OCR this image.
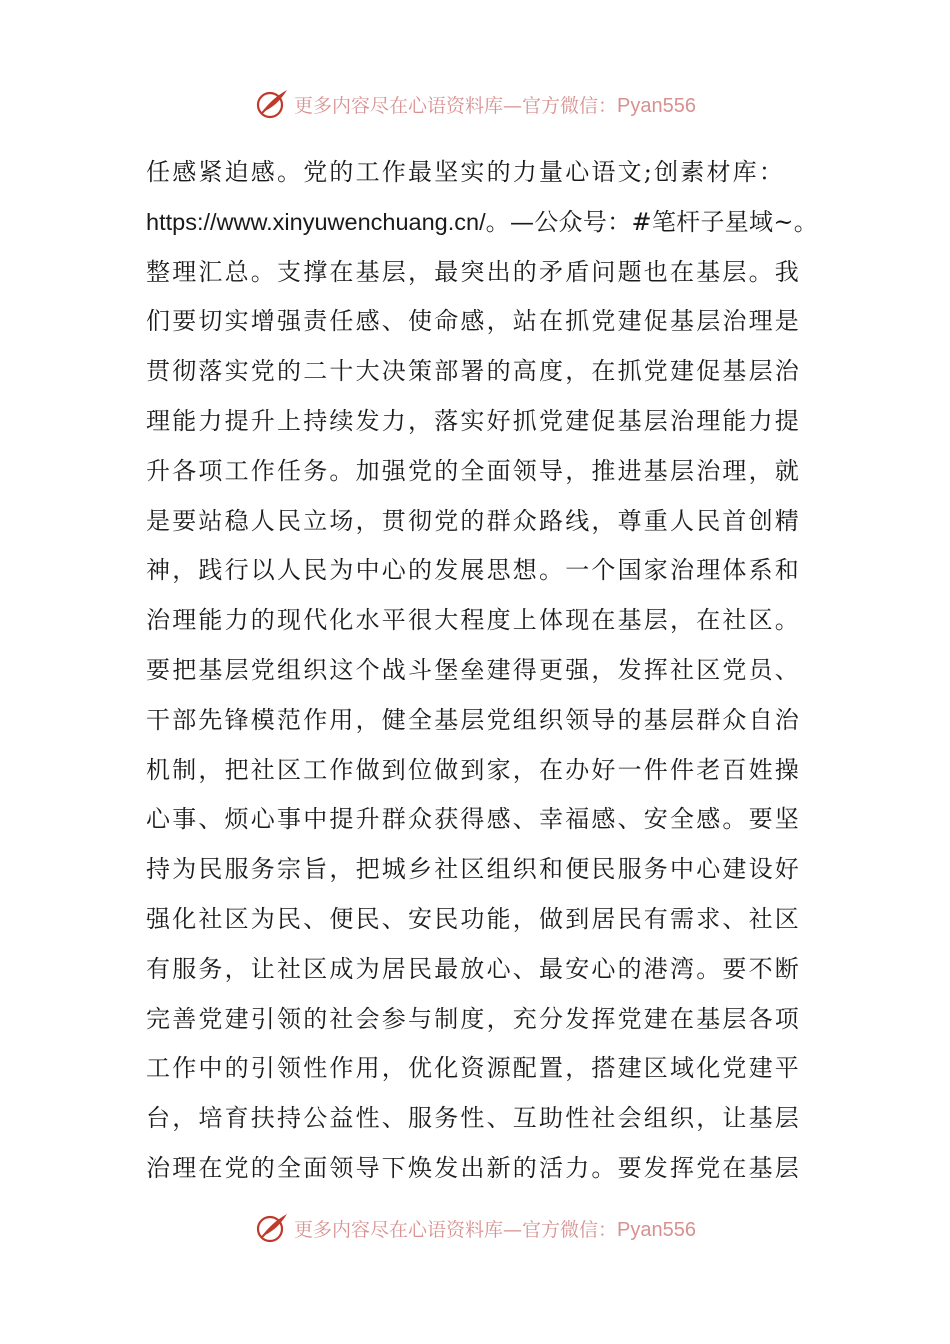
更多内容尽在心语资料库—官方微信：Pyan556
任感紧迫感。党的工作最坚实的力量心语文;创素材库：
https://www.xinyuwenchuang.cn/。—公众号：#笔杆子星域~。
整理汇总。支撑在基层，最突出的矛盾问题也在基层。我
们要切实增强责任感、使命感，站在抓党建促基层治理是
贯彻落实党的二十大决策部署的高度，在抓党建促基层治
理能力提升上持续发力，落实好抓党建促基层治理能力提
升各项工作任务。加强党的全面领导，推进基层治理，就
是要站稳人民立场，贯彻党的群众路线，尊重人民首创精
神，践行以人民为中心的发展思想。一个国家治理体系和
治理能力的现代化水平很大程度上体现在基层，在社区。
要把基层党组织这个战斗堡垒建得更强，发挥社区党员、
干部先锋模范作用，健全基层党组织领导的基层群众自治
机制，把社区工作做到位做到家，在办好一件件老百姓操
心事、烦心事中提升群众获得感、幸福感、安全感。要坚
持为民服务宗旨，把城乡社区组织和便民服务中心建设好
强化社区为民、便民、安民功能，做到居民有需求、社区
有服务，让社区成为居民最放心、最安心的港湾。要不断
完善党建引领的社会参与制度，充分发挥党建在基层各项
工作中的引领性作用，优化资源配置，搭建区域化党建平
台，培育扶持公益性、服务性、互助性社会组织，让基层
治理在党的全面领导下焕发出新的活力。要发挥党在基层
更多内容尽在心语资料库—官方微信：Pyan556
